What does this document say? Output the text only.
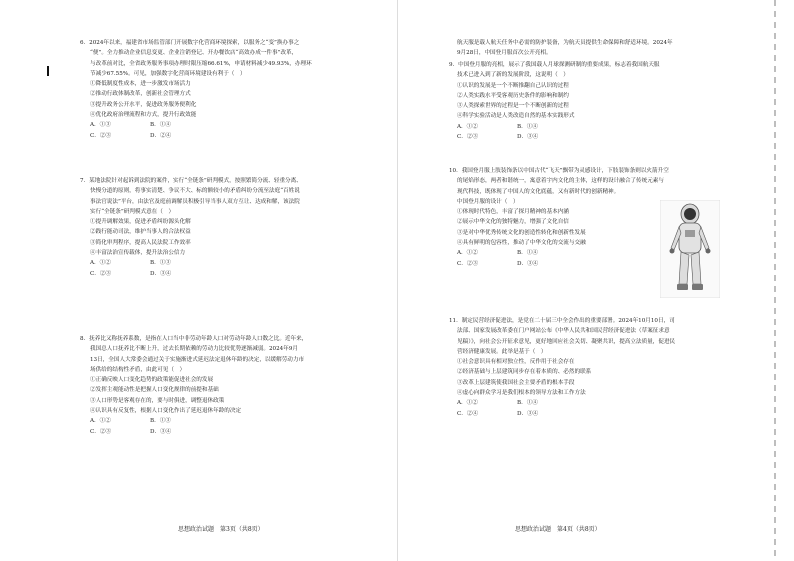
6．2024年以来，福建省市场监管部门开展数字化营商环境探索，以服务之“变”换办事之
“便”。全力推动企业信息变更、企业注销登记、开办餐饮店“高效办成一件事”改革，
与改革前对比，全省政务服务事项办理时限压缩66.61%，申请材料减少49.93%，办理环
节减少67.55%。可见，加强数字化营商环境建设有利于（　）
①降低制度性成本，进一步激发市场活力
②推动行政体制改革，创新社会管理方式
③提升政务公开水平，促进政务服务便利化
④优化政府治理流程和方式，提升行政效能
A．①③	B．①④
C．②③	D．②④
7．某地法院针对起诉到法院的案件，实行“全链条”研判模式，按照繁简分流、轻重分离、
快慢分道的原则，将事实清楚、争议不大、标的额较小的矛盾纠纷分流至法庭“百姓说
事法官说法”平台，由法官及庭前调解员积极引导当事人双方互让、达成和解，该法院
实行“全链条”研判模式意在（　）
①提升调解效果，促进矛盾纠纷源头化解
②践行能动司法，维护当事人的合法权益
③简化审判程序，提高人民法院工作效率
④丰富法治宣传载体，提升法治公信力
A．①②	B．①③
C．②③	D．③④
8．抚养比又称抚养系数，是指在人口当中非劳动年龄人口对劳动年龄人口数之比。近年来，
我国总人口抚养比不断上升，过去长期依赖的劳动力比较优势逐渐减弱。2024年9月
13日，全国人大常委会通过关于实施渐进式延迟法定退休年龄的决定，以缓解劳动力市
场供给的结构性矛盾，由此可见（　）
①正确反映人口变化趋势的政策能促进社会的发展
②发挥主观能动性是把握人口变化规律的前提和基础
③人口形势是客观存在的，要与时俱进，调整退休政策
④认识具有反复性，根据人口变化作出了延迟退休年龄的决定
A．①②	B．①③
C．②③	D．③④
思想政治试题　第3页（共8页）
航天服是载人航天任务中必需的防护装备，为航天员提供生命保障和舒适环境。2024年
9月28日，中国登月服首次公开亮相。
9．中国登月服的亮相，展示了我国载人月球探测研制的重要成果，标志着我国航天服
技术已进入到了新的发展阶段，这说明（　）
①认识的发展是一个不断推翻自己认识的过程
②人类实践水平受客观历史条件的影响和制约
③人类探索世界的过程是一个不断创新的过程
④科学实验活动是人类改造自然的基本实践形式
A．①②	B．①④
C．②③	D．③④
10．我国登月服上肢装饰条以中国古代“飞天”飘带为灵感设计，下肢装饰条则以火箭升空
的尾焰形态，两者和谐统一，寓意着宇内文化的主体，这样的设计融合了传统元素与
现代科技，既体现了中国人的文化底蕴，又有新时代的创新精神。
中国登月服的设计（　）
①体现时代特色，丰富了探月精神的基本内涵
②展示中华文化的独特魅力，增强了文化自信
③是对中华优秀传统文化的创造性转化和创新性发展
④具有鲜明的包容性，推动了中华文化的交流与交融
A．①②	B．①④
C．②③	D．③④
11．制定民营经济促进法，是党在二十届三中全会作出的重要部署。2024年10月10日，司
法部、国家发展改革委在门户网站公布《中华人民共和国民营经济促进法（草案征求意
见稿）》，向社会公开征求意见，更好地回应社会关切、凝聚共识，提高立法质量，促进民
营经济健康发展。此举是基于（　）
①社会意识具有相对独立性，反作用于社会存在
②经济基础与上层建筑同步存在着本质的、必然的联系
③改革上层建筑使我国社会主要矛盾的根本手段
④虚心向群众学习是我们根本的领导方法和工作方法
A．①②	B．①④
C．②④	D．③④
思想政治试题　第4页（共8页）
